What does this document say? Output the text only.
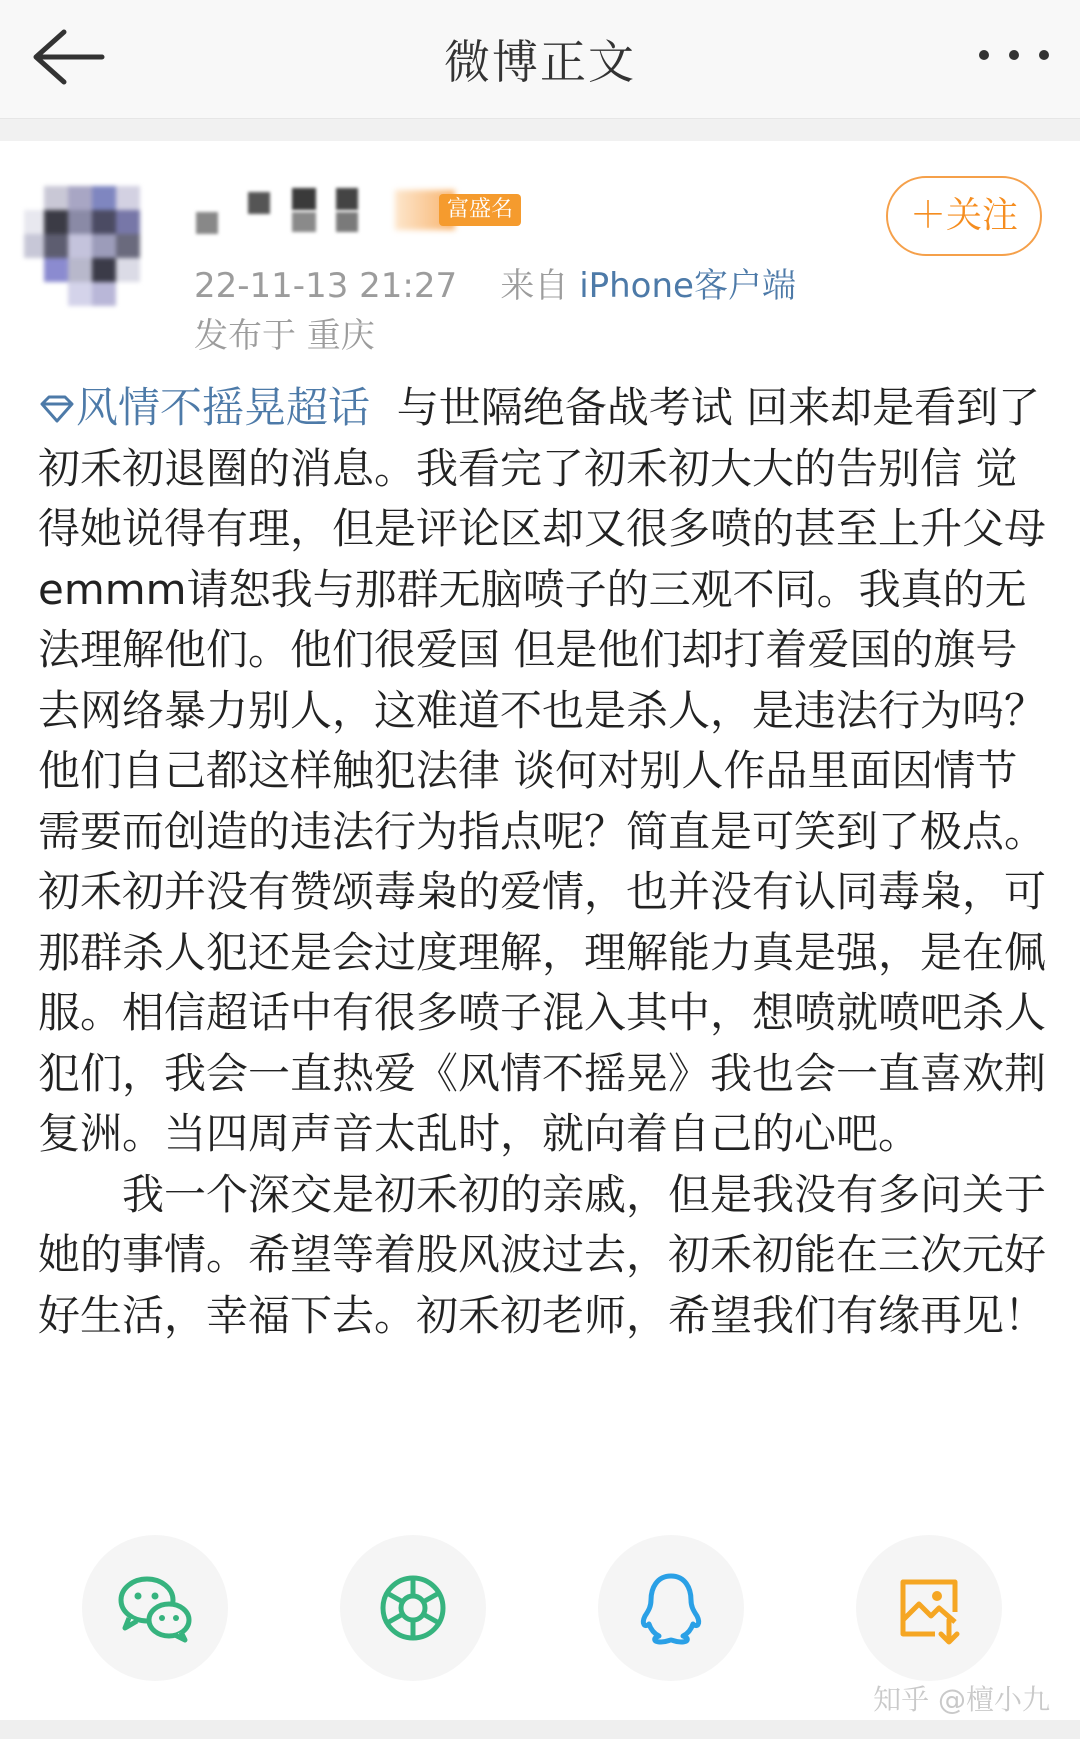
微博正文
富盛名	＋关注
22-11-13 21:27 来自 iPhone客户端
发布于 重庆

风情不摇晃超话 与世隔绝备战考试 回来却是看到了初禾初退圈的消息。我看完了初禾初大大的告别信 觉得她说得有理，但是评论区却又很多喷的甚至上升父母 emmm请恕我与那群无脑喷子的三观不同。我真的无法理解他们。他们很爱国 但是他们却打着爱国的旗号去网络暴力别人，这难道不也是杀人，是违法行为吗？他们自己都这样触犯法律 谈何对别人作品里面因情节需要而创造的违法行为指点呢？简直是可笑到了极点。初禾初并没有赞颂毒枭的爱情，也并没有认同毒枭，可那群杀人犯还是会过度理解，理解能力真是强，是在佩服。相信超话中有很多喷子混入其中，想喷就喷吧杀人犯们，我会一直热爱《风情不摇晃》我也会一直喜欢荆复洲。当四周声音太乱时，就向着自己的心吧。

我一个深交是初禾初的亲戚，但是我没有多问关于她的事情。希望等着股风波过去，初禾初能在三次元好好生活，幸福下去。初禾初老师，希望我们有缘再见！

知乎 @檀小九
